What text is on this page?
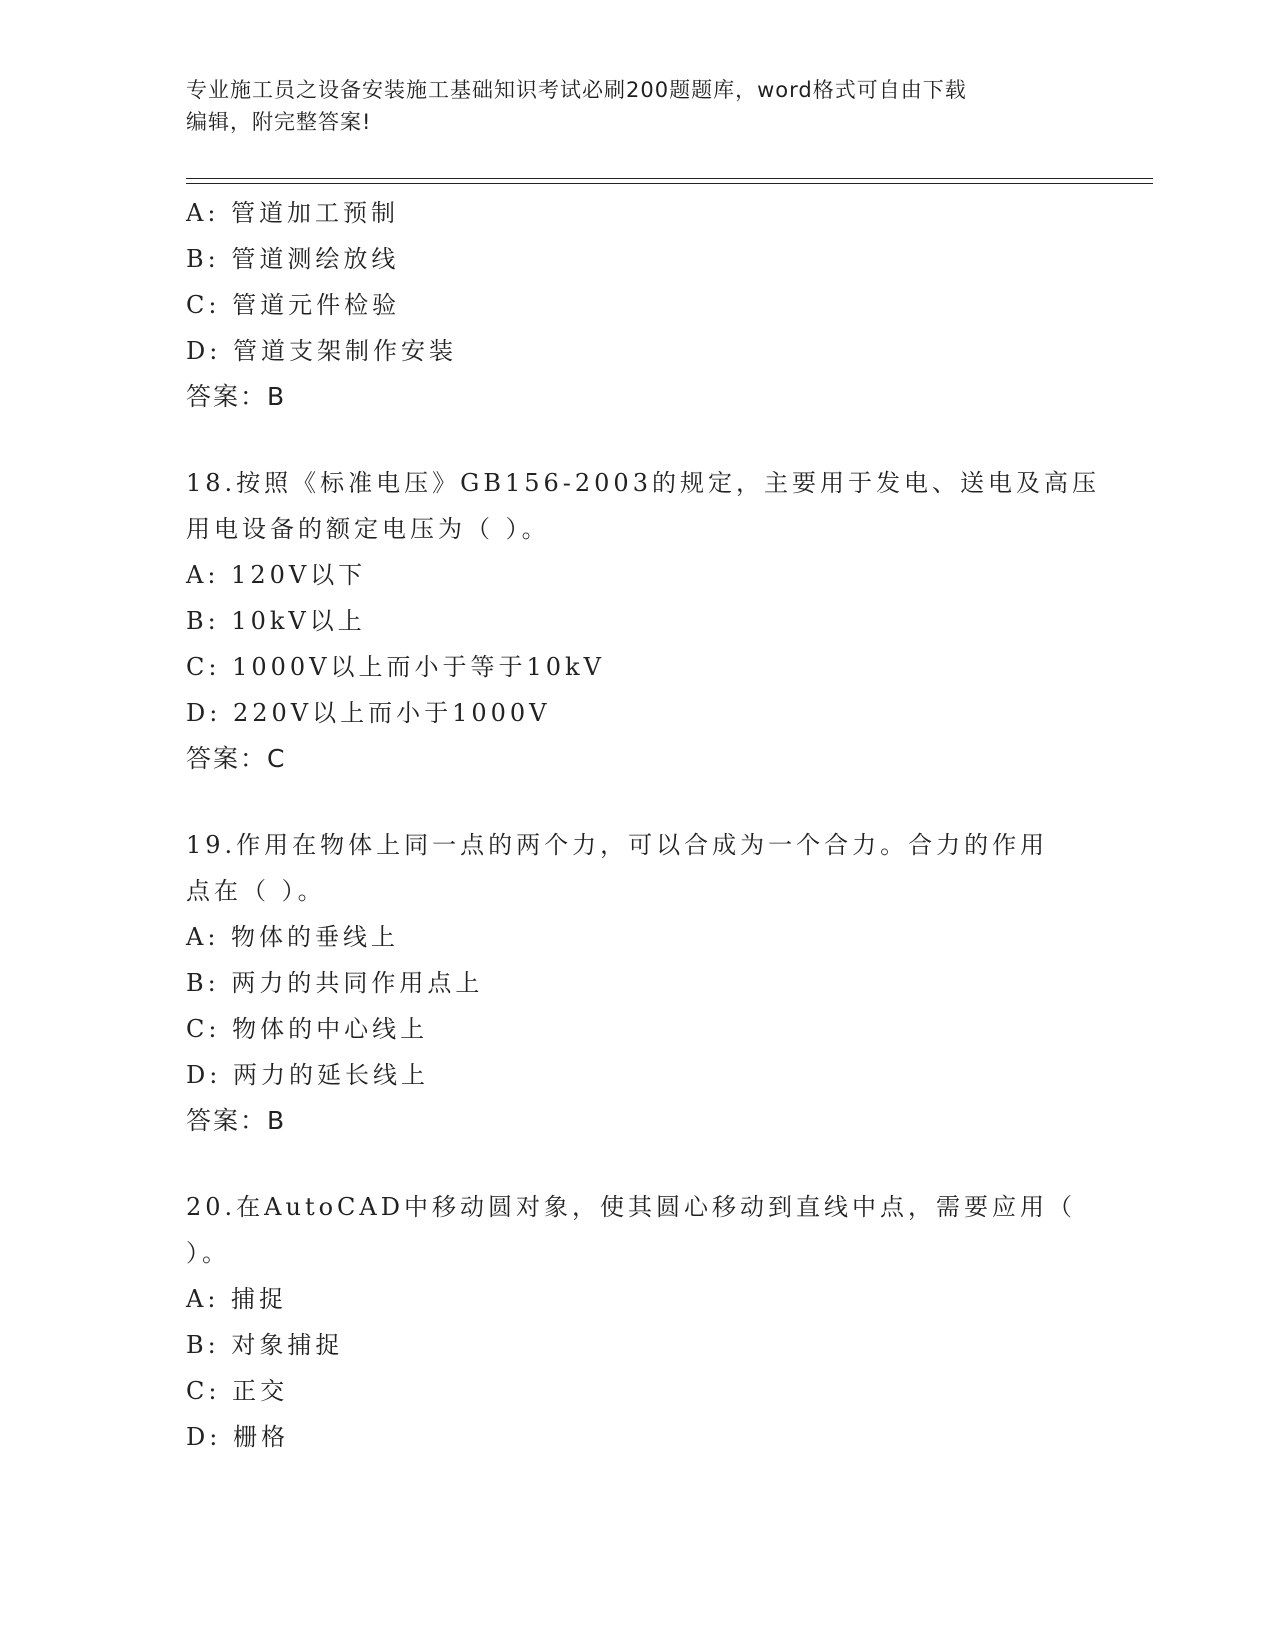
专业施工员之设备安装施工基础知识考试必刷200题题库，word格式可自由下载
编辑，附完整答案!
A: 管道加工预制
B: 管道测绘放线
C: 管道元件检验
D: 管道支架制作安装
答案：B
18.按照《标准电压》GB156-2003的规定，主要用于发电、送电及高压
用电设备的额定电压为（ ）。
A: 120V以下
B: 10kV以上
C: 1000V以上而小于等于10kV
D: 220V以上而小于1000V
答案：C
19.作用在物体上同一点的两个力，可以合成为一个合力。合力的作用
点在（ ）。
A: 物体的垂线上
B: 两力的共同作用点上
C: 物体的中心线上
D: 两力的延长线上
答案：B
20.在AutoCAD中移动圆对象，使其圆心移动到直线中点，需要应用（
）。
A: 捕捉
B: 对象捕捉
C: 正交
D: 栅格
